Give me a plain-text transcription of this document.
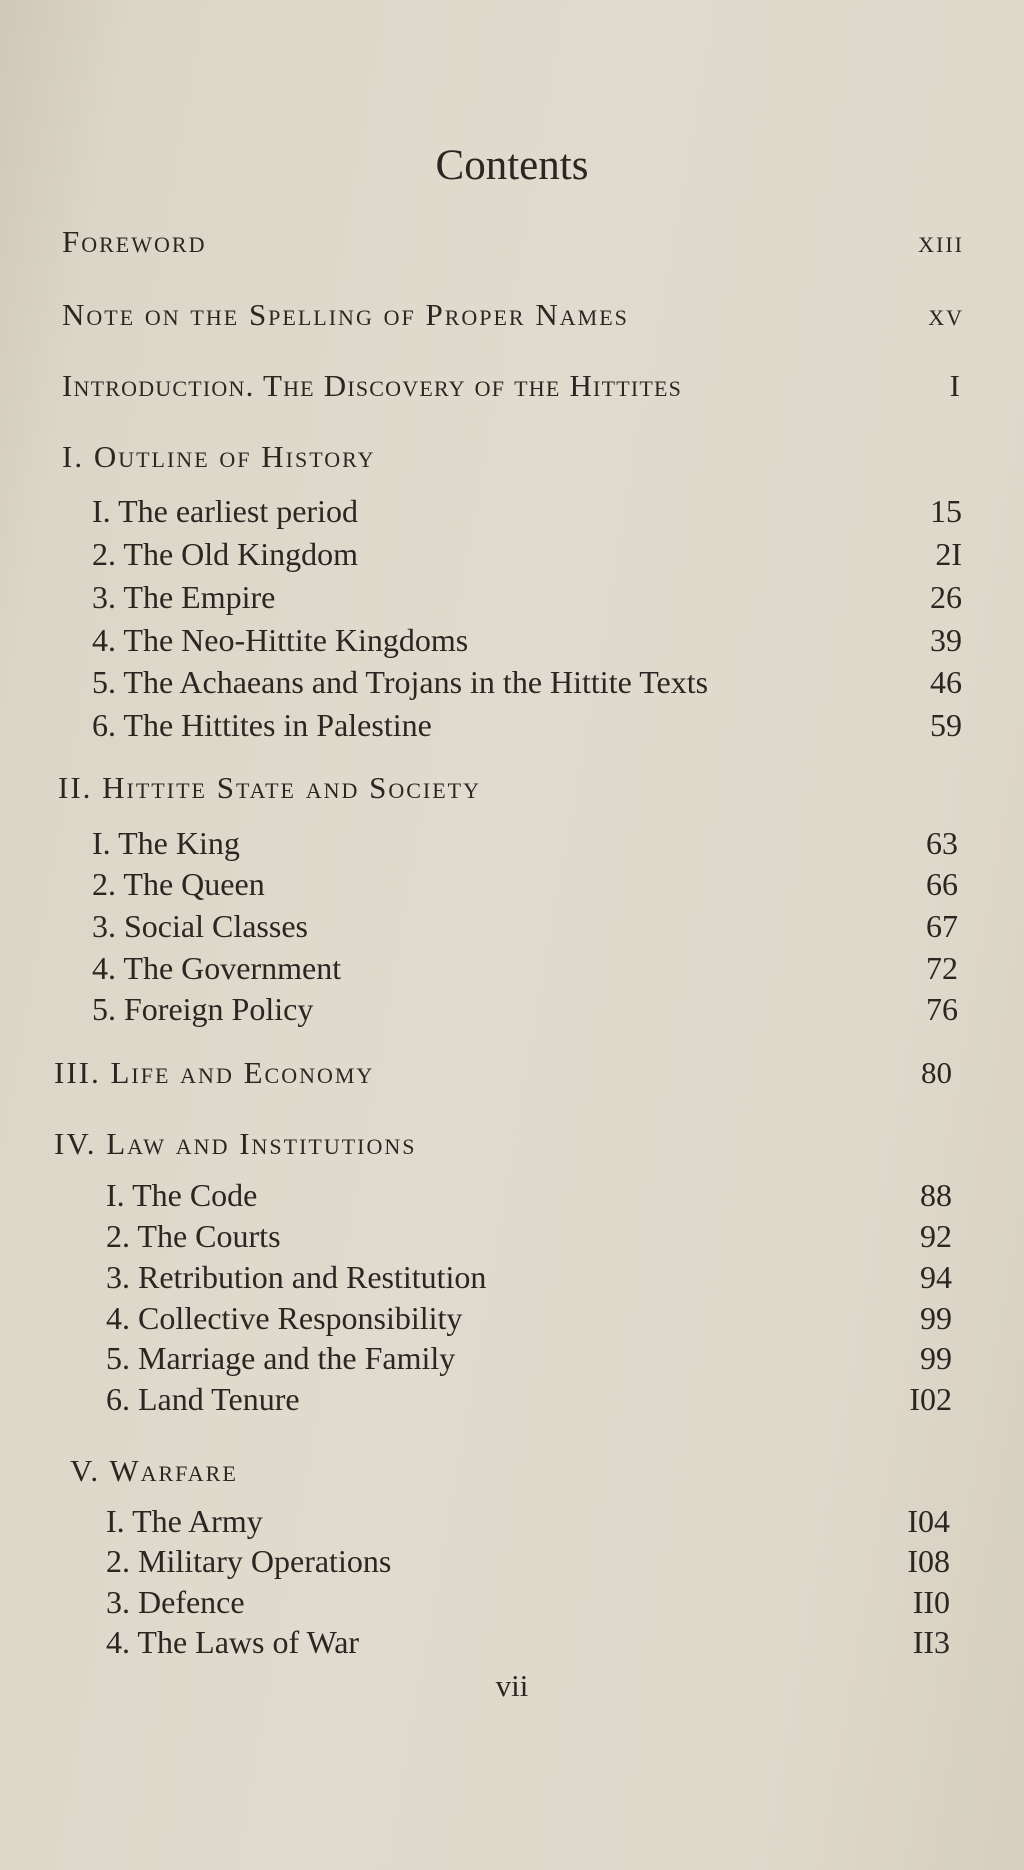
Contents
Foreword	xiii
Note on the Spelling of Proper Names	xv
Introduction. The Discovery of the Hittites	I
I. Outline of History
I. The earliest period	15
2. The Old Kingdom	2I
3. The Empire	26
4. The Neo-Hittite Kingdoms	39
5. The Achaeans and Trojans in the Hittite Texts	46
6. The Hittites in Palestine	59
II. Hittite State and Society
I. The King	63
2. The Queen	66
3. Social Classes	67
4. The Government	72
5. Foreign Policy	76
III. Life and Economy	80
IV. Law and Institutions
I. The Code	88
2. The Courts	92
3. Retribution and Restitution	94
4. Collective Responsibility	99
5. Marriage and the Family	99
6. Land Tenure	I02
V. Warfare
I. The Army	I04
2. Military Operations	I08
3. Defence	II0
4. The Laws of War	II3
vii
